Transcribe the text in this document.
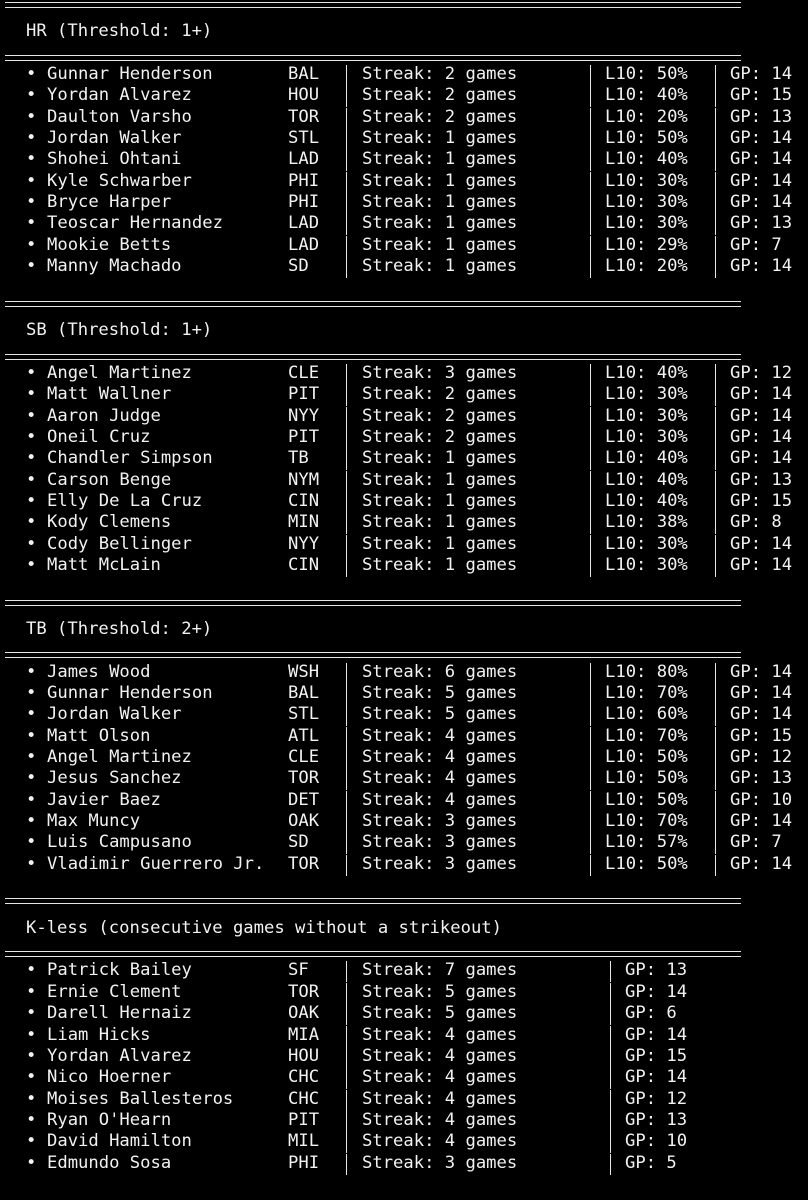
HR (Threshold: 1+)
• Gunnar Henderson	BAL Streak: 2 games	L10: 50% GP: 14
• Yordan Alvarez	HOU Streak: 2 games	L10: 40% GP: 15
• Daulton Varsho	TOR Streak: 2 games	L10: 20% GP: 13
• Jordan Walker	STL Streak: 1 games	L10: 50% GP: 14
• Shohei Ohtani	LAD Streak: 1 games	L10: 40% GP: 14
• Kyle Schwarber	PHI Streak: 1 games	L10: 30% GP: 14
• Bryce Harper	PHI Streak: 1 games	L10: 30% GP: 14
• Teoscar Hernandez	LAD Streak: 1 games	L10: 30% GP: 13
• Mookie Betts	LAD Streak: 1 games	L10: 29% GP: 7
• Manny Machado	SD	Streak: 1 games	L10: 20% GP: 14
SB (Threshold: 1+)
• Angel Martinez	CLE Streak: 3 games	L10: 40% GP: 12
• Matt Wallner	PIT Streak: 2 games	L10: 30% GP: 14
• Aaron Judge	NYY Streak: 2 games	L10: 30% GP: 14
• Oneil Cruz	PIT Streak: 2 games	L10: 30% GP: 14
• Chandler Simpson	TB	Streak: 1 games	L10: 40% GP: 14
• Carson Benge	NYM Streak: 1 games	L10: 40% GP: 13
• Elly De La Cruz	CIN Streak: 1 games	L10: 40% GP: 15
• Kody Clemens	MIN Streak: 1 games	L10: 38% GP: 8
• Cody Bellinger	NYY Streak: 1 games	L10: 30% GP: 14
• Matt McLain	CIN Streak: 1 games	L10: 30% GP: 14
TB (Threshold: 2+)
• James Wood	WSH Streak: 6 games	L10: 80% GP: 14
• Gunnar Henderson	BAL Streak: 5 games	L10: 70% GP: 14
• Jordan Walker	STL Streak: 5 games	L10: 60% GP: 14
• Matt Olson	ATL Streak: 4 games	L10: 70% GP: 15
• Angel Martinez	CLE Streak: 4 games	L10: 50% GP: 12
• Jesus Sanchez	TOR Streak: 4 games	L10: 50% GP: 13
• Javier Baez	DET Streak: 4 games	L10: 50% GP: 10
• Max Muncy	OAK Streak: 3 games	L10: 70% GP: 14
• Luis Campusano	SD	Streak: 3 games	L10: 57% GP: 7
• Vladimir Guerrero Jr. TOR Streak: 3 games	L10: 50% GP: 14
K-less (consecutive games without a strikeout)
• Patrick Bailey	SF	Streak: 7 games	GP: 13
• Ernie Clement	TOR Streak: 5 games	GP: 14
• Darell Hernaiz	OAK Streak: 5 games	GP: 6
• Liam Hicks	MIA Streak: 4 games	GP: 14
• Yordan Alvarez	HOU Streak: 4 games	GP: 15
• Nico Hoerner	CHC Streak: 4 games	GP: 14
• Moises Ballesteros	CHC Streak: 4 games	GP: 12
• Ryan O'Hearn	PIT Streak: 4 games	GP: 13
• David Hamilton	MIL Streak: 4 games	GP: 10
• Edmundo Sosa	PHI Streak: 3 games	GP: 5
